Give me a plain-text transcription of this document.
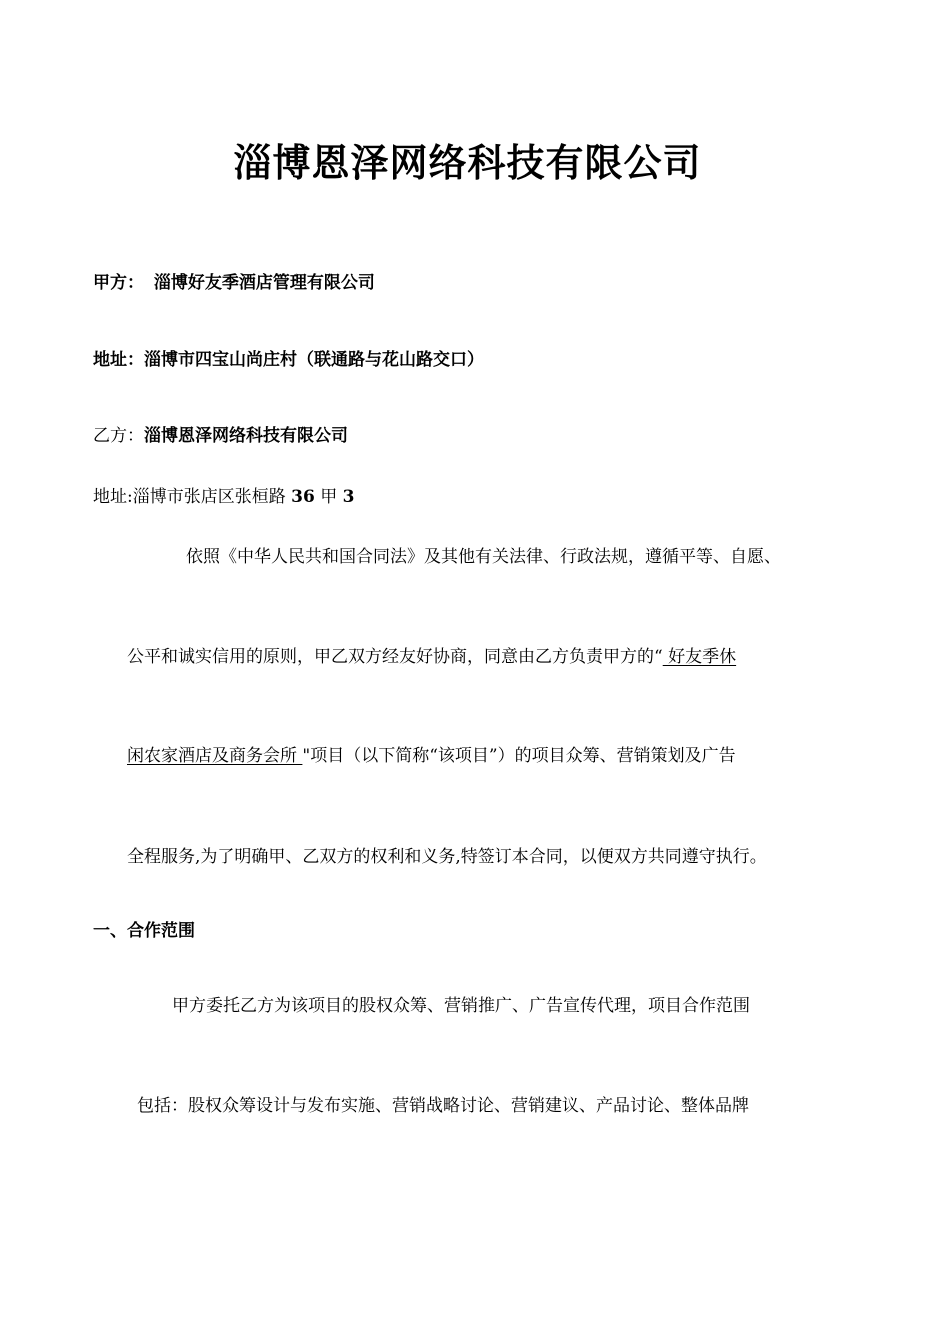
淄博恩泽网络科技有限公司
甲方： 淄博好友季酒店管理有限公司
地址：淄博市四宝山尚庄村（联通路与花山路交口）
乙方：淄博恩泽网络科技有限公司
地址:淄博市张店区张桓路 36 甲 3
依照《中华人民共和国合同法》及其他有关法律、行政法规，遵循平等、自愿、
公平和诚实信用的原则，甲乙双方经友好协商，同意由乙方负责甲方的“ 好友季休
闲农家酒店及商务会所 "项目（以下简称“该项目”）的项目众筹、营销策划及广告
全程服务,为了明确甲、乙双方的权利和义务,特签订本合同，以便双方共同遵守执行。
一、合作范围
甲方委托乙方为该项目的股权众筹、营销推广、广告宣传代理，项目合作范围
包括：股权众筹设计与发布实施、营销战略讨论、营销建议、产品讨论、整体品牌
